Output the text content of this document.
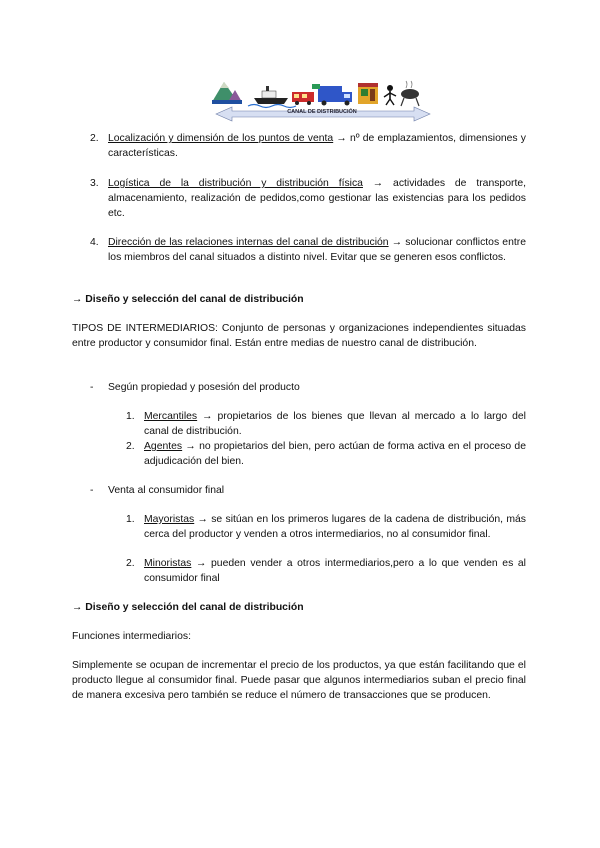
CANAL DE DISTRIBUCIÓN
2. Localización y dimensión de los puntos de venta → nº de emplazamientos, dimensiones y características.
3. Logística de la distribución y distribución física → actividades de transporte, almacenamiento, realización de pedidos,como gestionar las existencias para los pedidos etc.
4. Dirección de las relaciones internas del canal de distribución → solucionar conflictos entre los miembros del canal situados a distinto nivel. Evitar que se generen esos conflictos.
→ Diseño y selección del canal de distribución
TIPOS DE INTERMEDIARIOS: Conjunto de personas y organizaciones independientes situadas entre productor y consumidor final. Están entre medias de nuestro canal de distribución.
- Según propiedad y posesión del producto
1. Mercantiles → propietarios de los bienes que llevan al mercado a lo largo del canal de distribución.
2. Agentes → no propietarios del bien, pero actúan de forma activa en el proceso de adjudicación del bien.
- Venta al consumidor final
1. Mayoristas → se sitúan en los primeros lugares de la cadena de distribución, más cerca del productor y venden a otros intermediarios, no al consumidor final.
2. Minoristas → pueden vender a otros intermediarios,pero a lo que venden es al consumidor final
→ Diseño y selección del canal de distribución
Funciones intermediarios:
Simplemente se ocupan de incrementar el precio de los productos, ya que están facilitando que el producto llegue al consumidor final. Puede pasar que algunos intermediarios suban el precio final de manera excesiva pero también se reduce el número de transacciones que se producen.
